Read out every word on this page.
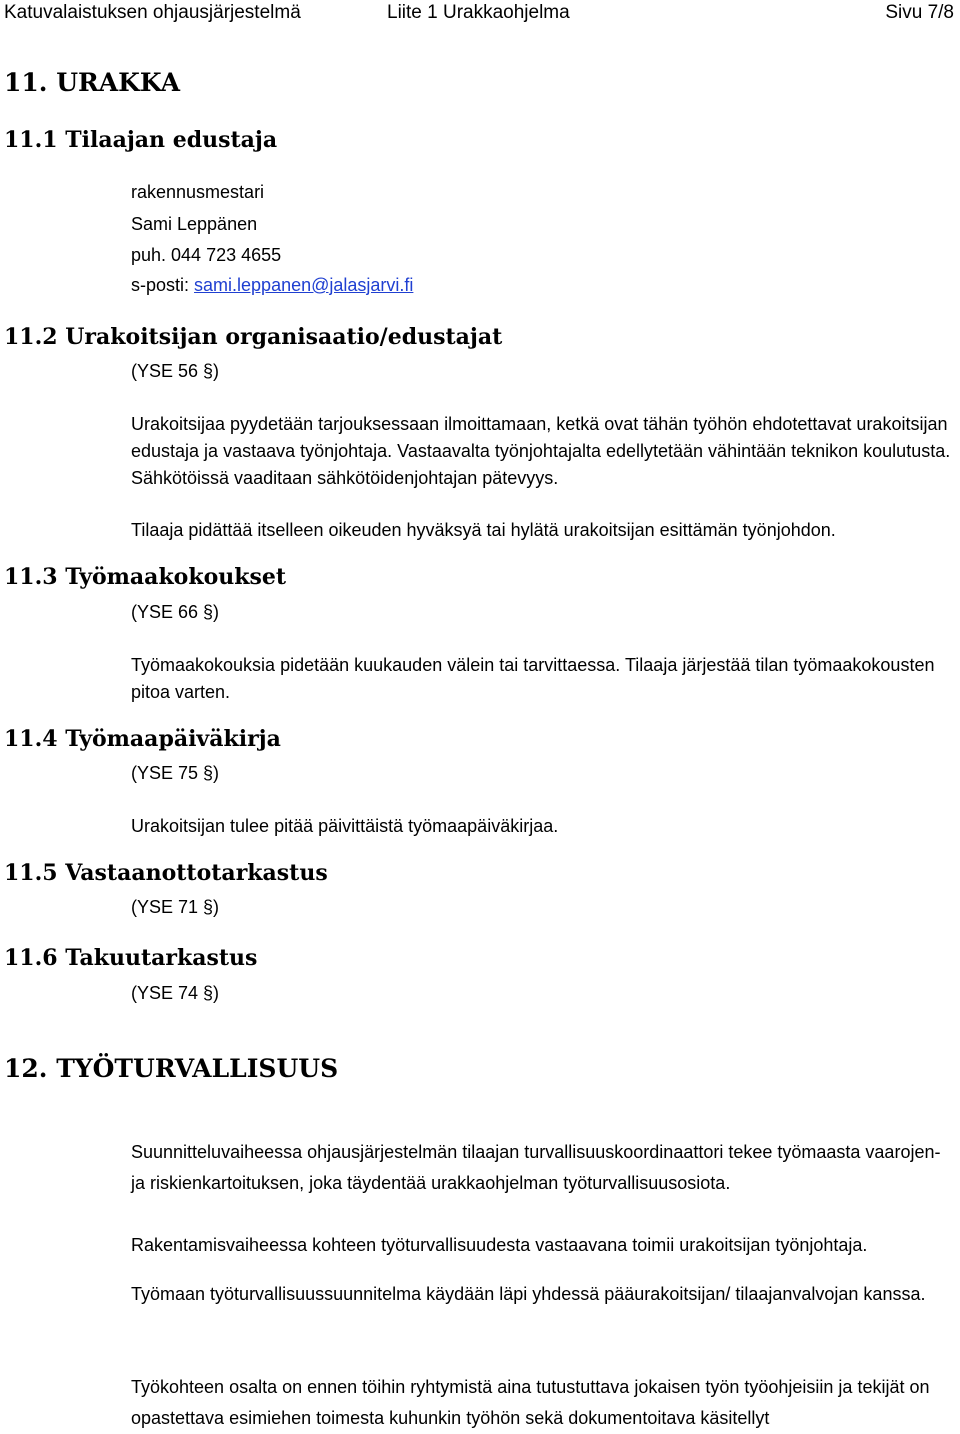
Katuvalaistuksen ohjausjärjestelmä	Liite 1 Urakkaohjelma	Sivu 7/8
11. URAKKA
11.1 Tilaajan edustaja
rakennusmestari
Sami Leppänen
puh. 044 723 4655
s-posti: sami.leppanen@jalasjarvi.fi
11.2 Urakoitsijan organisaatio/edustajat
(YSE 56 §)
Urakoitsijaa pyydetään tarjouksessaan ilmoittamaan, ketkä ovat tähän työhön ehdotettavat urakoitsijan edustaja ja vastaava työnjohtaja. Vastaavalta työnjohtajalta edellytetään vähintään teknikon koulutusta. Sähkötöissä vaaditaan sähkötöidenjohtajan pätevyys.
Tilaaja pidättää itselleen oikeuden hyväksyä tai hylätä urakoitsijan esittämän työnjohdon.
11.3 Työmaakokoukset
(YSE 66 §)
Työmaakokouksia pidetään kuukauden välein tai tarvittaessa. Tilaaja järjestää tilan työmaakokousten pitoa varten.
11.4 Työmaapäiväkirja
(YSE 75 §)
Urakoitsijan tulee pitää päivittäistä työmaapäiväkirjaa.
11.5 Vastaanottotarkastus
(YSE 71 §)
11.6 Takuutarkastus
(YSE 74 §)
12. TYÖTURVALLISUUS
Suunnitteluvaiheessa ohjausjärjestelmän tilaajan turvallisuuskoordinaattori tekee työmaasta vaarojen- ja riskienkartoituksen, joka täydentää urakkaohjelman työturvallisuusosiota.
Rakentamisvaiheessa kohteen työturvallisuudesta vastaavana toimii urakoitsijan työnjohtaja.
Työmaan työturvallisuussuunnitelma käydään läpi yhdessä pääurakoitsijan/ tilaajanvalvojan kanssa.
Työkohteen osalta on ennen töihin ryhtymistä aina tutustuttava jokaisen työn työohjeisiin ja tekijät on opastettava esimiehen toimesta kuhunkin työhön sekä dokumentoitava käsitellyt
